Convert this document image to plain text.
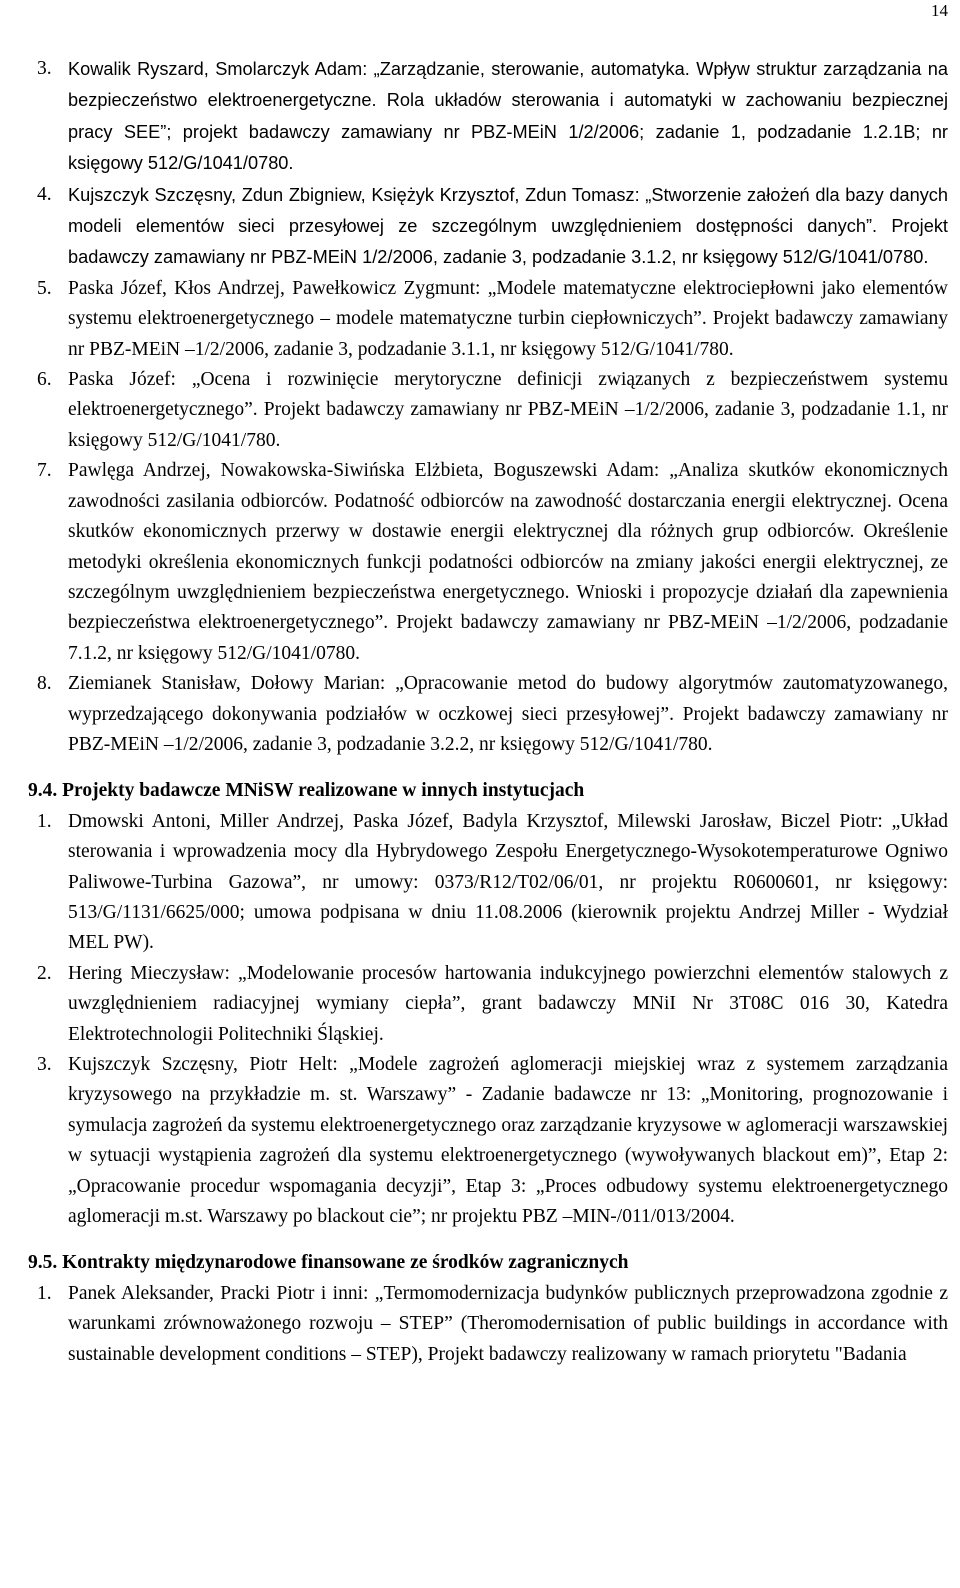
14
3. Kowalik Ryszard, Smolarczyk Adam: „Zarządzanie, sterowanie, automatyka. Wpływ struktur zarządzania na bezpieczeństwo elektroenergetyczne. Rola układów sterowania i automatyki w zachowaniu bezpiecznej pracy SEE”; projekt badawczy zamawiany nr PBZ-MEiN 1/2/2006; zadanie 1, podzadanie 1.2.1B; nr księgowy 512/G/1041/0780.
4. Kujszczyk Szczęsny, Zdun Zbigniew, Księżyk Krzysztof, Zdun Tomasz: „Stworzenie założeń dla bazy danych modeli elementów sieci przesyłowej ze szczególnym uwzględnieniem dostępności danych”. Projekt badawczy zamawiany nr PBZ-MEiN 1/2/2006, zadanie 3, podzadanie 3.1.2, nr księgowy 512/G/1041/0780.
5. Paska Józef, Kłos Andrzej, Pawełkowicz Zygmunt: „Modele matematyczne elektrociepłowni jako elementów systemu elektroenergetycznego – modele matematyczne turbin ciepłowniczych”. Projekt badawczy zamawiany nr PBZ-MEiN –1/2/2006, zadanie 3, podzadanie 3.1.1, nr księgowy 512/G/1041/780.
6. Paska Józef: „Ocena i rozwinięcie merytoryczne definicji związanych z bezpieczeństwem systemu elektroenergetycznego”. Projekt badawczy zamawiany nr PBZ-MEiN –1/2/2006, zadanie 3, podzadanie 1.1, nr księgowy 512/G/1041/780.
7. Pawlęga Andrzej, Nowakowska-Siwińska Elżbieta, Boguszewski Adam: „Analiza skutków ekonomicznych zawodności zasilania odbiorców. Podatność odbiorców na zawodność dostarczania energii elektrycznej. Ocena skutków ekonomicznych przerwy w dostawie energii elektrycznej dla różnych grup odbiorców. Określenie metodyki określenia ekonomicznych funkcji podatności odbiorców na zmiany jakości energii elektrycznej, ze szczególnym uwzględnieniem bezpieczeństwa energetycznego. Wnioski i propozycje działań dla zapewnienia bezpieczeństwa elektroenergetycznego”. Projekt badawczy zamawiany nr PBZ-MEiN –1/2/2006, podzadanie 7.1.2, nr księgowy 512/G/1041/0780.
8. Ziemianek Stanisław, Dołowy Marian: „Opracowanie metod do budowy algorytmów zautomatyzowanego, wyprzedzającego dokonywania podziałów w oczkowej sieci przesyłowej”. Projekt badawczy zamawiany nr PBZ-MEiN –1/2/2006, zadanie 3, podzadanie 3.2.2, nr księgowy 512/G/1041/780.
9.4. Projekty badawcze MNiSW realizowane w innych instytucjach
1. Dmowski Antoni, Miller Andrzej, Paska Józef, Badyla Krzysztof, Milewski Jarosław, Biczel Piotr: „Układ sterowania i wprowadzenia mocy dla Hybrydowego Zespołu Energetycznego-Wysokotemperaturowe Ogniwo Paliwowe-Turbina Gazowa”, nr umowy: 0373/R12/T02/06/01, nr projektu R0600601, nr księgowy: 513/G/1131/6625/000; umowa podpisana w dniu 11.08.2006 (kierownik projektu Andrzej Miller - Wydział MEL PW).
2. Hering Mieczysław: „Modelowanie procesów hartowania indukcyjnego powierzchni elementów stalowych z uwzględnieniem radiacyjnej wymiany ciepła”, grant badawczy MNiI Nr 3T08C 016 30, Katedra Elektrotechnologii Politechniki Śląskiej.
3. Kujszczyk Szczęsny, Piotr Helt: „Modele zagrożeń aglomeracji miejskiej wraz z systemem zarządzania kryzysowego na przykładzie m. st. Warszawy” - Zadanie badawcze nr 13: „Monitoring, prognozowanie i symulacja zagrożeń da systemu elektroenergetycznego oraz zarządzanie kryzysowe w aglomeracji warszawskiej w sytuacji wystąpienia zagrożeń dla systemu elektroenergetycznego (wywoływanych blackout em)”, Etap 2: „Opracowanie procedur wspomagania decyzji”, Etap 3: „Proces odbudowy systemu elektroenergetycznego aglomeracji m.st. Warszawy po blackout cie”; nr projektu PBZ –MIN-/011/013/2004.
9.5. Kontrakty międzynarodowe finansowane ze środków zagranicznych
1. Panek Aleksander, Pracki Piotr i inni: „Termomodernizacja budynków publicznych przeprowadzona zgodnie z warunkami zrównoważonego rozwoju – STEP” (Theromodernisation of public buildings in accordance with sustainable development conditions – STEP), Projekt badawczy realizowany w ramach priorytetu "Badania
